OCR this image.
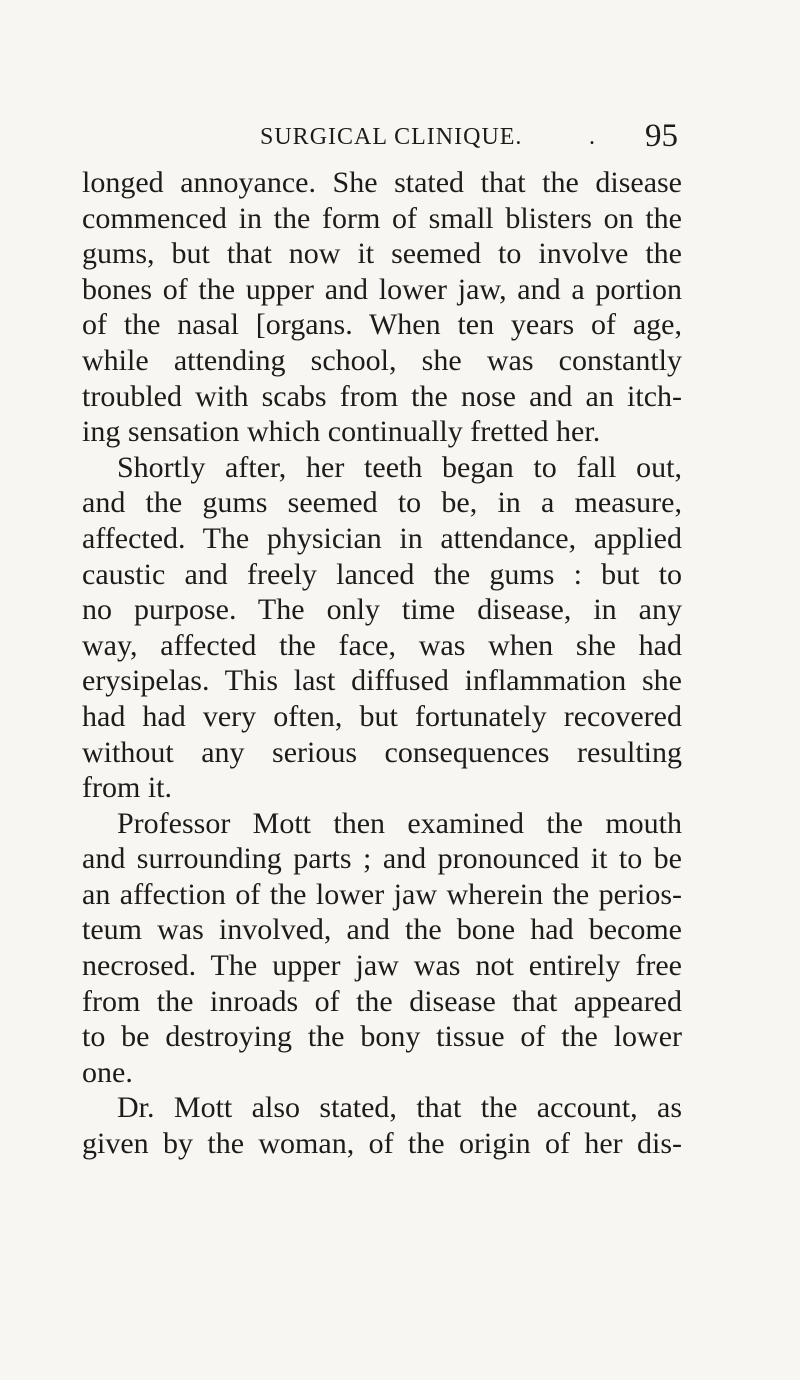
SURGICAL CLINIQUE.	. 95
longed annoyance. She stated that the disease
commenced in the form of small blisters on the
gums, but that now it seemed to involve the
bones of the upper and lower jaw, and a portion
of the nasal [organs. When ten years of age,
while attending school, she was constantly
troubled with scabs from the nose and an itch-
ing sensation which continually fretted her.
Shortly after, her teeth began to fall out,
and the gums seemed to be, in a measure,
affected. The physician in attendance, applied
caustic and freely lanced the gums : but to
no purpose. The only time disease, in any
way, affected the face, was when she had
erysipelas. This last diffused inflammation she
had had very often, but fortunately recovered
without any serious consequences resulting
from it.
Professor Mott then examined the mouth
and surrounding parts ; and pronounced it to be
an affection of the lower jaw wherein the perios-
teum was involved, and the bone had become
necrosed. The upper jaw was not entirely free
from the inroads of the disease that appeared
to be destroying the bony tissue of the lower
one.
Dr. Mott also stated, that the account, as
given by the woman, of the origin of her dis-
